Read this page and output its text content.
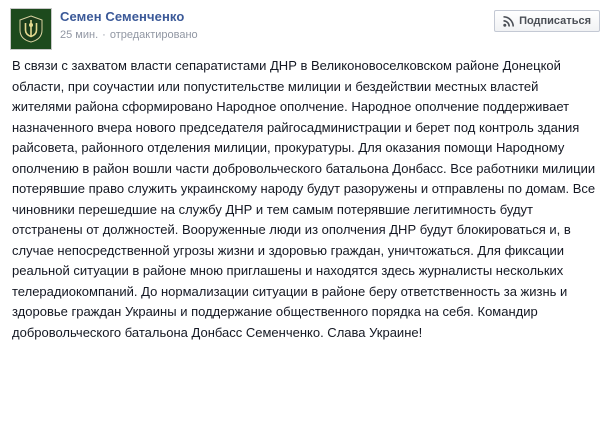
Семен Семенченко
25 мин. · отредактировано
Подписаться
В связи с захватом власти сепаратистами ДНР в Великоновоселковском районе Донецкой области, при соучастии или попустительстве милиции и бездействии местных властей жителями района сформировано Народное ополчение. Народное ополчение поддерживает назначенного вчера нового председателя райгосадминистрации и берет под контроль здания райсовета, районного отделения милиции, прокуратуры. Для оказания помощи Народному ополчению в район вошли части добровольческого батальона Донбасс. Все работники милиции потерявшие право служить украинскому народу будут разоружены и отправлены по домам. Все чиновники перешедшие на службу ДНР и тем самым потерявшие легитимность будут отстранены от должностей. Вооруженные люди из ополчения ДНР будут блокироваться и, в случае непосредственной угрозы жизни и здоровью граждан, уничтожаться. Для фиксации реальной ситуации в районе мною приглашены и находятся здесь журналисты нескольких телерадиокомпаний. До нормализации ситуации в районе беру ответственность за жизнь и здоровье граждан Украины и поддержание общественного порядка на себя. Командир добровольческого батальона Донбасс Семенченко. Слава Украине!
